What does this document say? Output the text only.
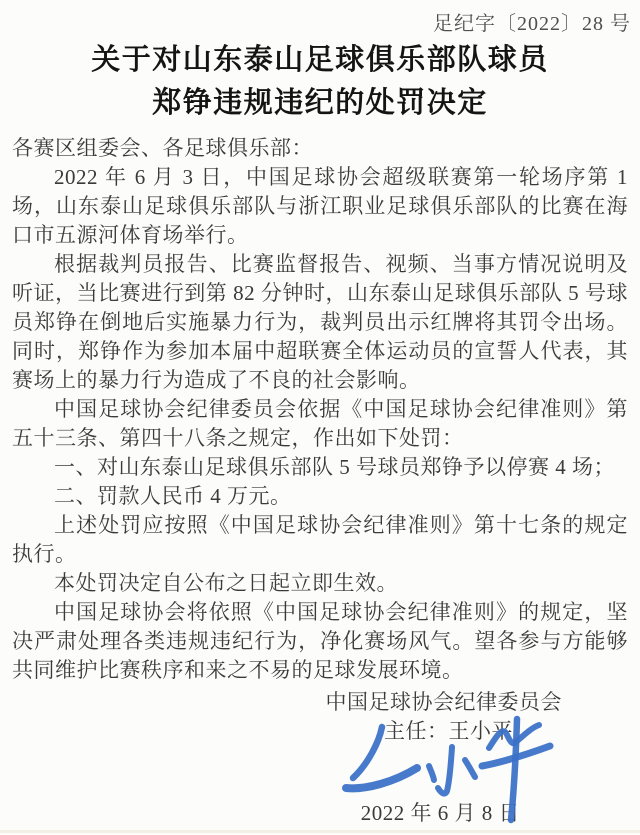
足纪字〔2022〕28 号
关于对山东泰山足球俱乐部队球员
郑铮违规违纪的处罚决定

各赛区组委会、各足球俱乐部：

2022 年 6 月 3 日，中国足球协会超级联赛第一轮场序第 1 场，山东泰山足球俱乐部队与浙江职业足球俱乐部队的比赛在海口市五源河体育场举行。

根据裁判员报告、比赛监督报告、视频、当事方情况说明及听证，当比赛进行到第 82 分钟时，山东泰山足球俱乐部队 5 号球员郑铮在倒地后实施暴力行为，裁判员出示红牌将其罚令出场。同时，郑铮作为参加本届中超联赛全体运动员的宣誓人代表，其赛场上的暴力行为造成了不良的社会影响。

中国足球协会纪律委员会依据《中国足球协会纪律准则》第五十三条、第四十八条之规定，作出如下处罚：

一、对山东泰山足球俱乐部队 5 号球员郑铮予以停赛 4 场；

二、罚款人民币 4 万元。

上述处罚应按照《中国足球协会纪律准则》第十七条的规定执行。

本处罚决定自公布之日起立即生效。

中国足球协会将依照《中国足球协会纪律准则》的规定，坚决严肃处理各类违规违纪行为，净化赛场风气。望各参与方能够共同维护比赛秩序和来之不易的足球发展环境。

中国足球协会纪律委员会
主任：王小平
2022 年 6 月 8 日
